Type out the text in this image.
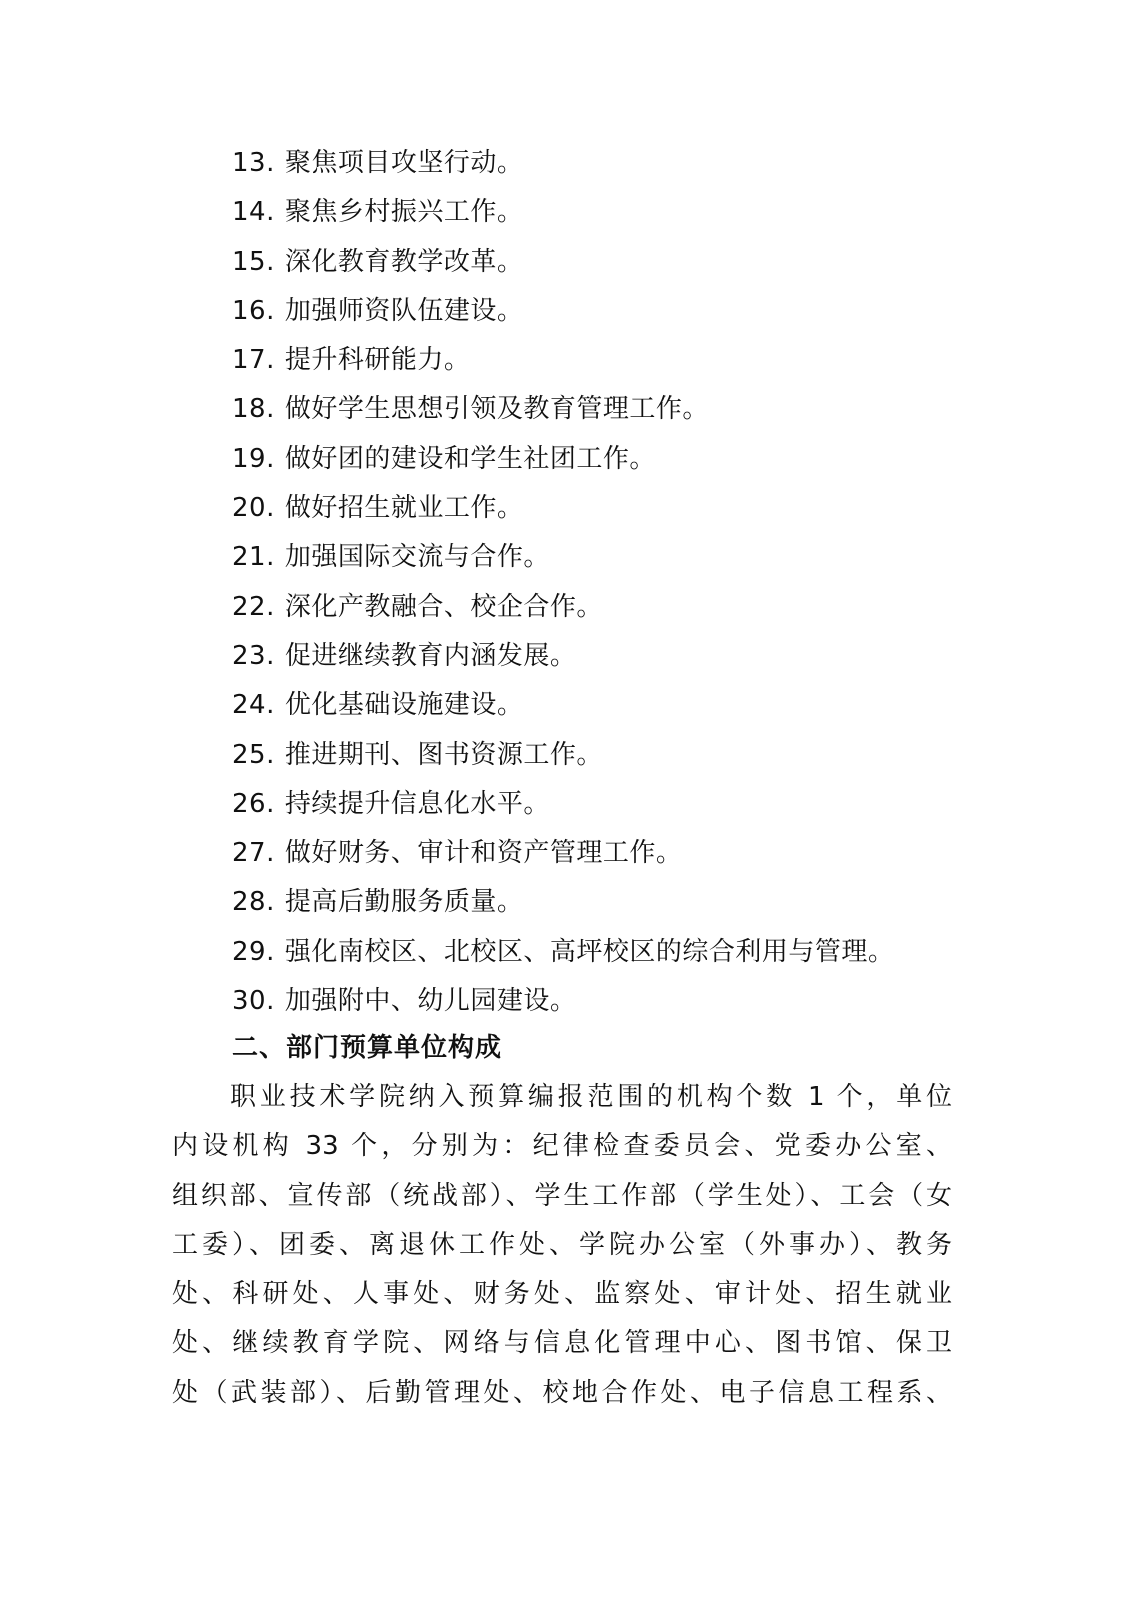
13. 聚焦项目攻坚行动。
14. 聚焦乡村振兴工作。
15. 深化教育教学改革。
16. 加强师资队伍建设。
17. 提升科研能力。
18. 做好学生思想引领及教育管理工作。
19. 做好团的建设和学生社团工作。
20. 做好招生就业工作。
21. 加强国际交流与合作。
22. 深化产教融合、校企合作。
23. 促进继续教育内涵发展。
24. 优化基础设施建设。
25. 推进期刊、图书资源工作。
26. 持续提升信息化水平。
27. 做好财务、审计和资产管理工作。
28. 提高后勤服务质量。
29. 强化南校区、北校区、高坪校区的综合利用与管理。
30. 加强附中、幼儿园建设。
二、部门预算单位构成

职业技术学院纳入预算编报范围的机构个数 1 个，单位
内设机构 33 个，分别为：纪律检查委员会、党委办公室、
组织部、宣传部（统战部）、学生工作部（学生处）、工会（女
工委）、团委、离退休工作处、学院办公室（外事办）、教务
处、科研处、人事处、财务处、监察处、审计处、招生就业
处、继续教育学院、网络与信息化管理中心、图书馆、保卫
处（武装部）、后勤管理处、校地合作处、电子信息工程系、
